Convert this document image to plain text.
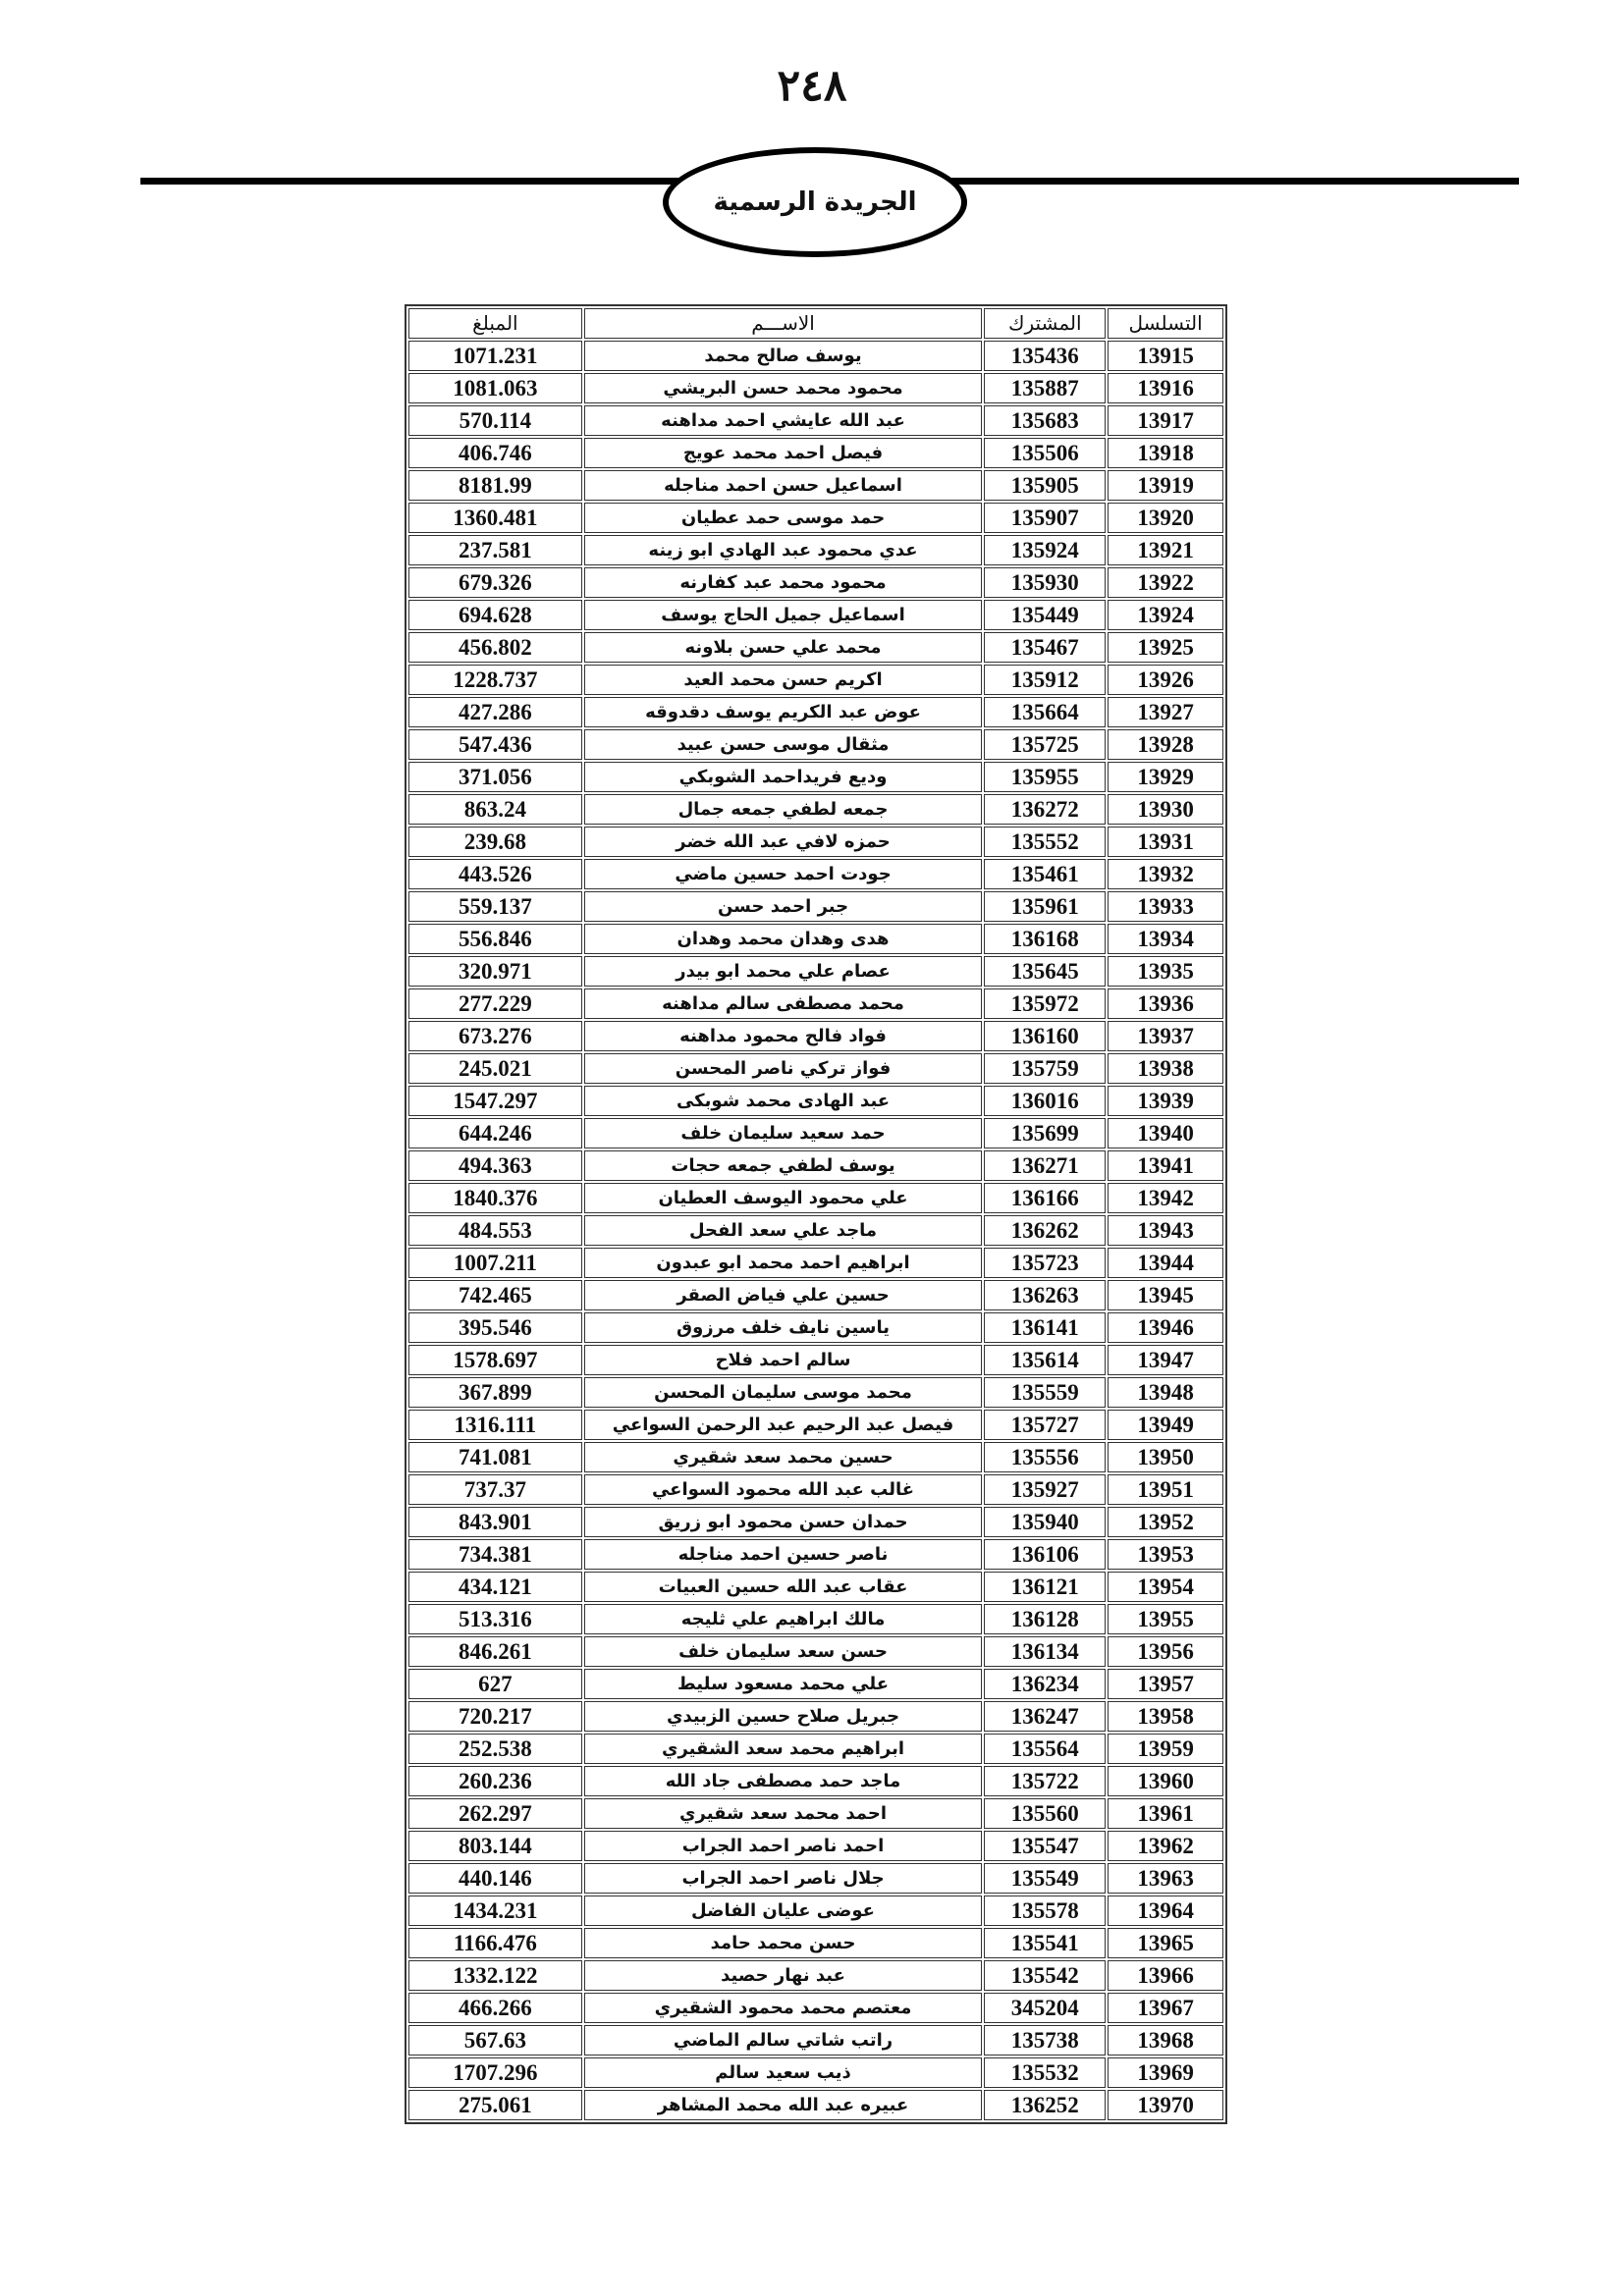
٢٤٨
الجريدة الرسمية
التسلسل	المشترك	الاســـم	المبلغ
13915	135436	يوسف صالح محمد	1071.231
13916	135887	محمود محمد حسن البريشي	1081.063
13917	135683	عبد الله عايشي احمد مداهنه	570.114
13918	135506	فيصل احمد محمد عويج	406.746
13919	135905	اسماعيل حسن احمد مناجله	8181.99
13920	135907	حمد موسى حمد عطيان	1360.481
13921	135924	عدي محمود عبد الهادي ابو زينه	237.581
13922	135930	محمود محمد عبد كفارنه	679.326
13924	135449	اسماعيل جميل الحاج يوسف	694.628
13925	135467	محمد علي حسن بلاونه	456.802
13926	135912	اكريم حسن محمد العيد	1228.737
13927	135664	عوض عبد الكريم يوسف دقدوقه	427.286
13928	135725	مثقال موسى حسن عبيد	547.436
13929	135955	وديع فريداحمد الشوبكي	371.056
13930	136272	جمعه لطفي جمعه جمال	863.24
13931	135552	حمزه لافي عبد الله خضر	239.68
13932	135461	جودت احمد حسين ماضي	443.526
13933	135961	جبر احمد حسن	559.137
13934	136168	هدى وهدان محمد وهدان	556.846
13935	135645	عصام علي محمد ابو بيدر	320.971
13936	135972	محمد مصطفى سالم مداهنه	277.229
13937	136160	فواد فالح محمود مداهنه	673.276
13938	135759	فواز تركي ناصر المحسن	245.021
13939	136016	عبد الهادى محمد شوبكى	1547.297
13940	135699	حمد سعيد سليمان خلف	644.246
13941	136271	يوسف لطفي جمعه حجات	494.363
13942	136166	علي محمود اليوسف العطيان	1840.376
13943	136262	ماجد علي سعد الفحل	484.553
13944	135723	ابراهيم احمد محمد ابو عبدون	1007.211
13945	136263	حسين علي فياض الصقر	742.465
13946	136141	ياسين نايف خلف مرزوق	395.546
13947	135614	سالم احمد فلاح	1578.697
13948	135559	محمد موسى سليمان المحسن	367.899
13949	135727	فيصل عبد الرحيم عبد الرحمن السواعي	1316.111
13950	135556	حسين محمد سعد شقيري	741.081
13951	135927	غالب عبد الله محمود السواعي	737.37
13952	135940	حمدان حسن محمود ابو زريق	843.901
13953	136106	ناصر حسين احمد مناجله	734.381
13954	136121	عقاب عبد الله حسين العبيات	434.121
13955	136128	مالك ابراهيم علي ثليجه	513.316
13956	136134	حسن سعد سليمان خلف	846.261
13957	136234	علي محمد مسعود سليط	627
13958	136247	جبريل صلاح حسين الزبيدي	720.217
13959	135564	ابراهيم محمد سعد الشقيري	252.538
13960	135722	ماجد حمد مصطفى جاد الله	260.236
13961	135560	احمد محمد سعد شقيري	262.297
13962	135547	احمد ناصر احمد الجراب	803.144
13963	135549	جلال ناصر احمد الجراب	440.146
13964	135578	عوضى عليان الفاضل	1434.231
13965	135541	حسن محمد حامد	1166.476
13966	135542	عبد نهار حصيد	1332.122
13967	345204	معتصم محمد محمود الشقيري	466.266
13968	135738	راتب شاتي سالم الماضي	567.63
13969	135532	ذيب سعيد سالم	1707.296
13970	136252	عبيره عبد الله محمد المشاهر	275.061
